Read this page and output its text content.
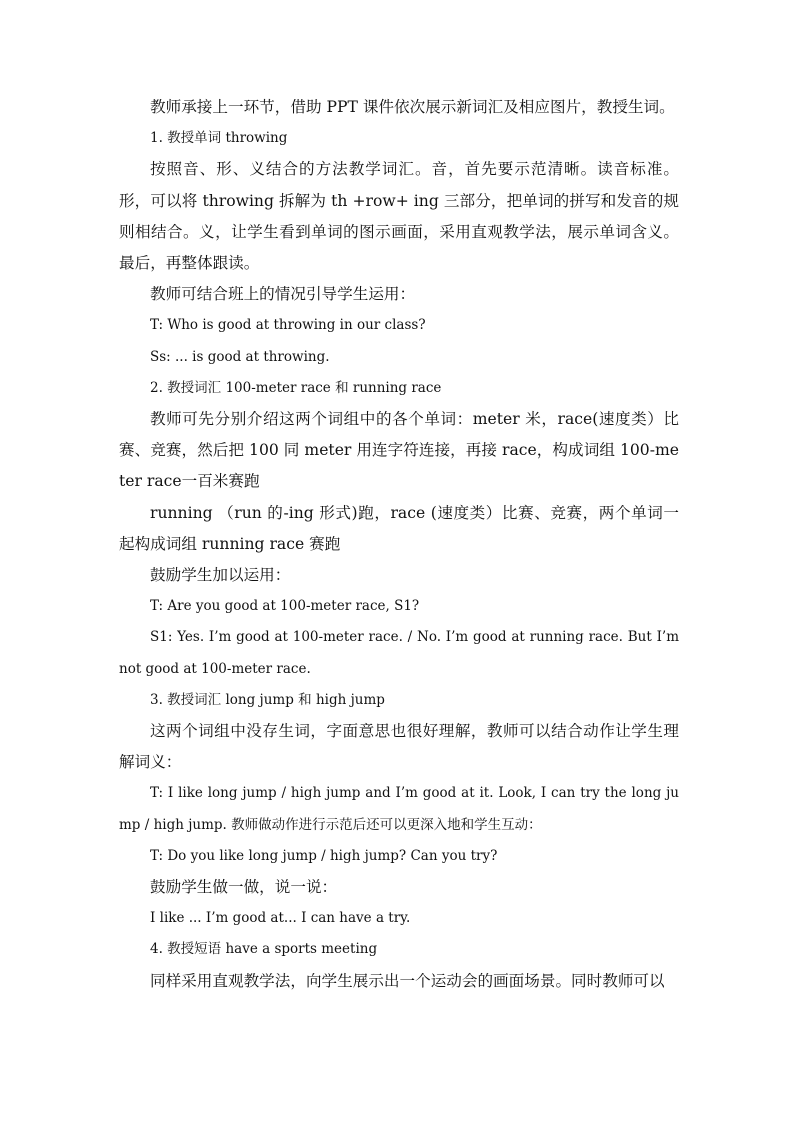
教师承接上一环节，借助 PPT 课件依次展示新词汇及相应图片，教授生词。

1. 教授单词 throwing

按照音、形、义结合的方法教学词汇。音，首先要示范清晰。读音标准。形，可以将 throwing 拆解为 th +row+ ing 三部分，把单词的拼写和发音的规则相结合。义，让学生看到单词的图示画面，采用直观教学法，展示单词含义。最后，再整体跟读。

教师可结合班上的情况引导学生运用：

T: Who is good at throwing in our class?

Ss: ... is good at throwing.

2. 教授词汇 100-meter race 和 running race

教师可先分别介绍这两个词组中的各个单词：meter 米，race(速度类）比赛、竞赛，然后把 100 同 meter 用连字符连接，再接 race，构成词组 100-meter race一百米赛跑

running （run 的-ing 形式)跑，race (速度类）比赛、竞赛，两个单词一起构成词组 running race 赛跑

鼓励学生加以运用：

T: Are you good at 100-meter race, S1?

S1: Yes. I’m good at 100-meter race. / No. I’m good at running race. But I’m not good at 100-meter race.

3. 教授词汇 long jump 和 high jump

这两个词组中没存生词，字面意思也很好理解，教师可以结合动作让学生理解词义：

T: I like long jump / high jump and I’m good at it. Look, I can try the long jump / high jump. 教师做动作进行示范后还可以更深入地和学生互动：

T: Do you like long jump / high jump? Can you try?

鼓励学生做一做，说一说：

I like ... I’m good at... I can have a try.

4. 教授短语 have a sports meeting

同样采用直观教学法，向学生展示出一个运动会的画面场景。同时教师可以
